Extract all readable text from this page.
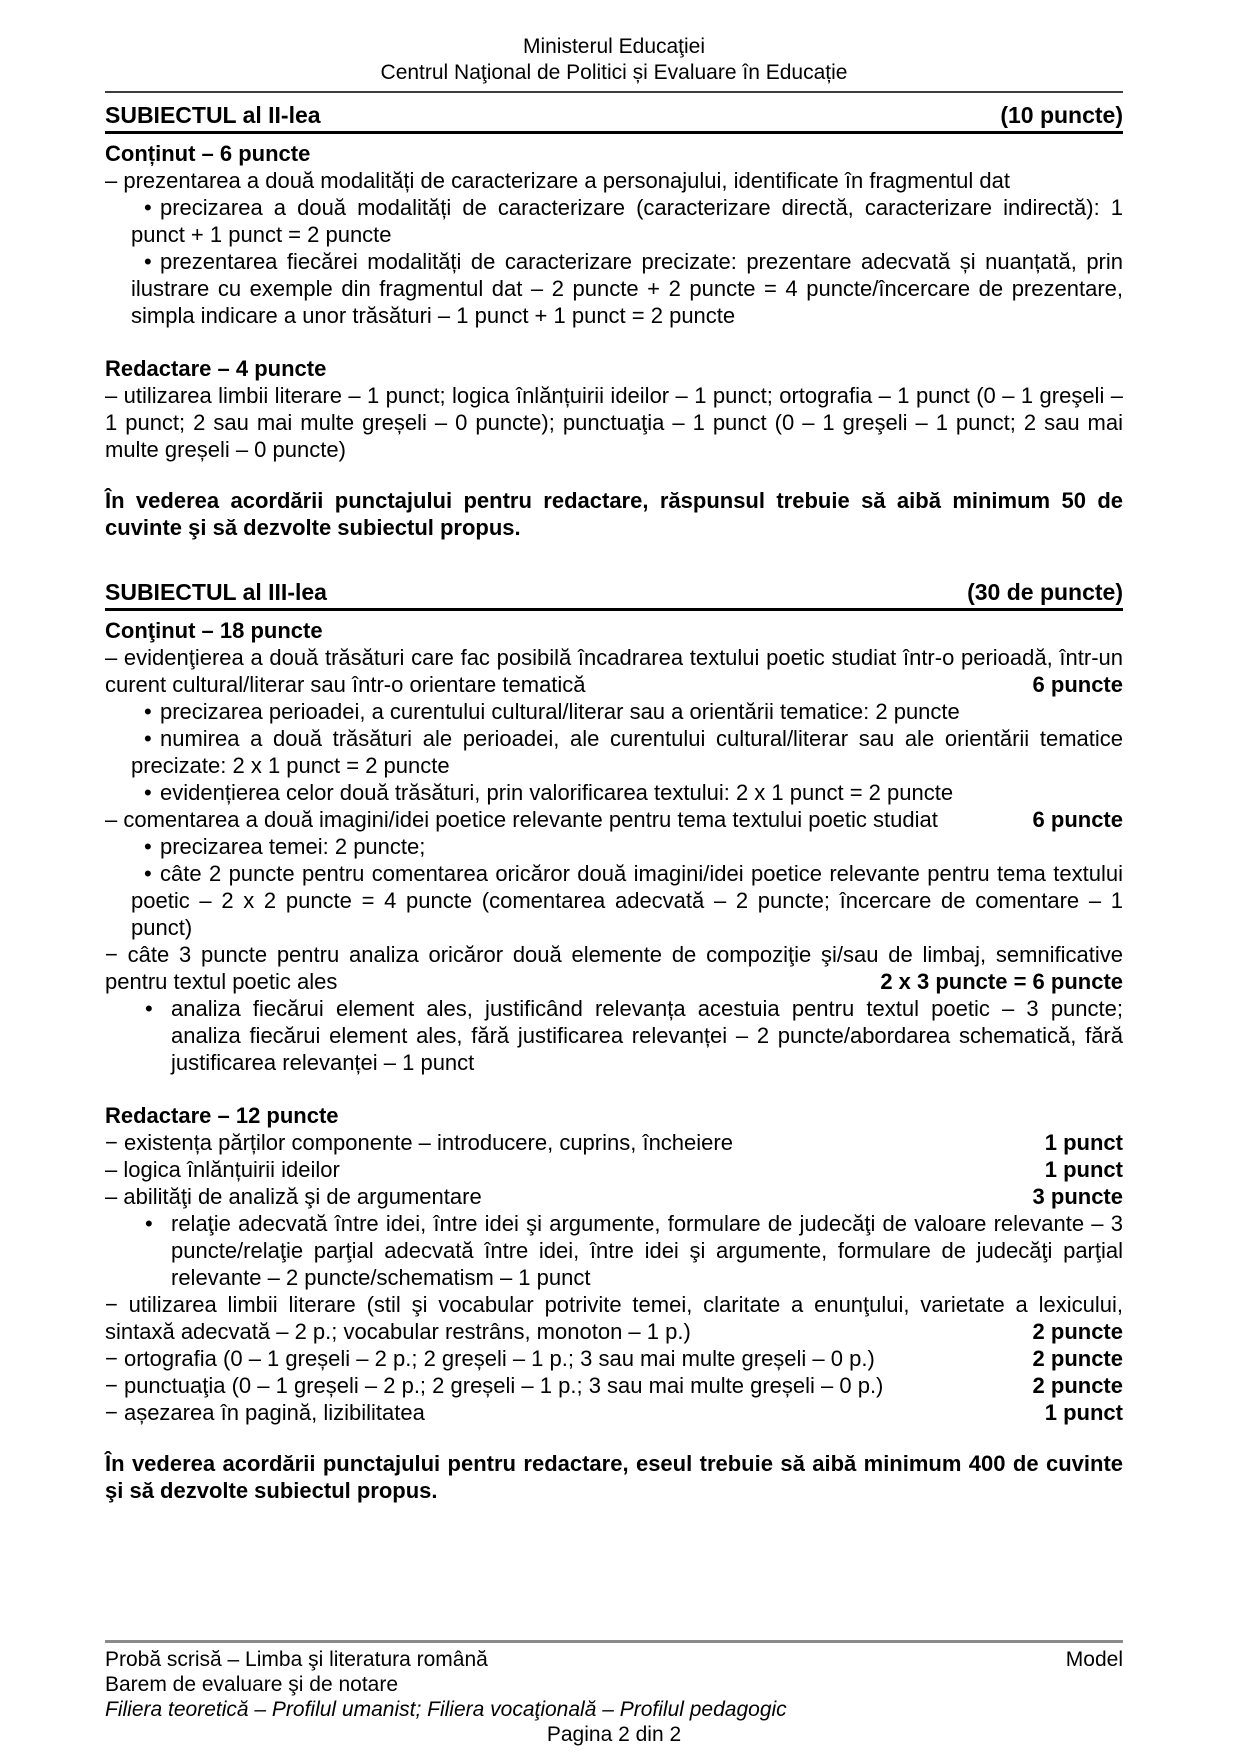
Ministerul Educaţiei
Centrul Naţional de Politici și Evaluare în Educație
SUBIECTUL al II-lea	(10 puncte)
Conținut – 6 puncte

– prezentarea a două modalități de caracterizare a personajului, identificate în fragmentul dat

• precizarea a două modalități de caracterizare (caracterizare directă, caracterizare indirectă): 1 punct + 1 punct = 2 puncte

• prezentarea fiecărei modalități de caracterizare precizate: prezentare adecvată și nuanțată, prin ilustrare cu exemple din fragmentul dat – 2 puncte + 2 puncte = 4 puncte/încercare de prezentare, simpla indicare a unor trăsături – 1 punct + 1 punct = 2 puncte

Redactare – 4 puncte

– utilizarea limbii literare – 1 punct; logica înlănțuirii ideilor – 1 punct; ortografia – 1 punct (0 – 1 greşeli – 1 punct; 2 sau mai multe greșeli – 0 puncte); punctuaţia – 1 punct (0 – 1 greşeli – 1 punct; 2 sau mai multe greșeli – 0 puncte)

În vederea acordării punctajului pentru redactare, răspunsul trebuie să aibă minimum 50 de cuvinte şi să dezvolte subiectul propus.

SUBIECTUL al III-lea	(30 de puncte)
Conţinut – 18 puncte

– evidenţierea a două trăsături care fac posibilă încadrarea textului poetic studiat într-o perioadă, într-un curent cultural/literar sau într-o orientare tematică	6 puncte

• precizarea perioadei, a curentului cultural/literar sau a orientării tematice: 2 puncte

• numirea a două trăsături ale perioadei, ale curentului cultural/literar sau ale orientării tematice precizate: 2 x 1 punct = 2 puncte

• evidențierea celor două trăsături, prin valorificarea textului: 2 x 1 punct = 2 puncte

– comentarea a două imagini/idei poetice relevante pentru tema textului poetic studiat	6 puncte

• precizarea temei: 2 puncte;

• câte 2 puncte pentru comentarea oricăror două imagini/idei poetice relevante pentru tema textului poetic – 2 x 2 puncte = 4 puncte (comentarea adecvată – 2 puncte; încercare de comentare – 1 punct)

− câte 3 puncte pentru analiza oricăror două elemente de compoziţie şi/sau de limbaj, semnificative pentru textul poetic ales	2 x 3 puncte = 6 puncte

• analiza fiecărui element ales, justificând relevanța acestuia pentru textul poetic – 3 puncte; analiza fiecărui element ales, fără justificarea relevanței – 2 puncte/abordarea schematică, fără justificarea relevanței – 1 punct

Redactare – 12 puncte

− existența părților componente – introducere, cuprins, încheiere	1 punct

– logica înlănțuirii ideilor	1 punct

– abilităţi de analiză şi de argumentare	3 puncte

• relaţie adecvată între idei, între idei şi argumente, formulare de judecăţi de valoare relevante – 3 puncte/relaţie parţial adecvată între idei, între idei şi argumente, formulare de judecăţi parţial relevante – 2 puncte/schematism – 1 punct

− utilizarea limbii literare (stil şi vocabular potrivite temei, claritate a enunţului, varietate a lexicului, sintaxă adecvată – 2 p.; vocabular restrâns, monoton – 1 p.)	2 puncte

− ortografia (0 – 1 greșeli – 2 p.; 2 greșeli – 1 p.; 3 sau mai multe greșeli – 0 p.)	2 puncte

− punctuaţia (0 – 1 greșeli – 2 p.; 2 greșeli – 1 p.; 3 sau mai multe greșeli – 0 p.)	2 puncte

− așezarea în pagină, lizibilitatea	1 punct

În vederea acordării punctajului pentru redactare, eseul trebuie să aibă minimum 400 de cuvinte şi să dezvolte subiectul propus.

Probă scrisă – Limba şi literatura română	Model
Barem de evaluare şi de notare
Filiera teoretică – Profilul umanist; Filiera vocaţională – Profilul pedagogic
Pagina 2 din 2
